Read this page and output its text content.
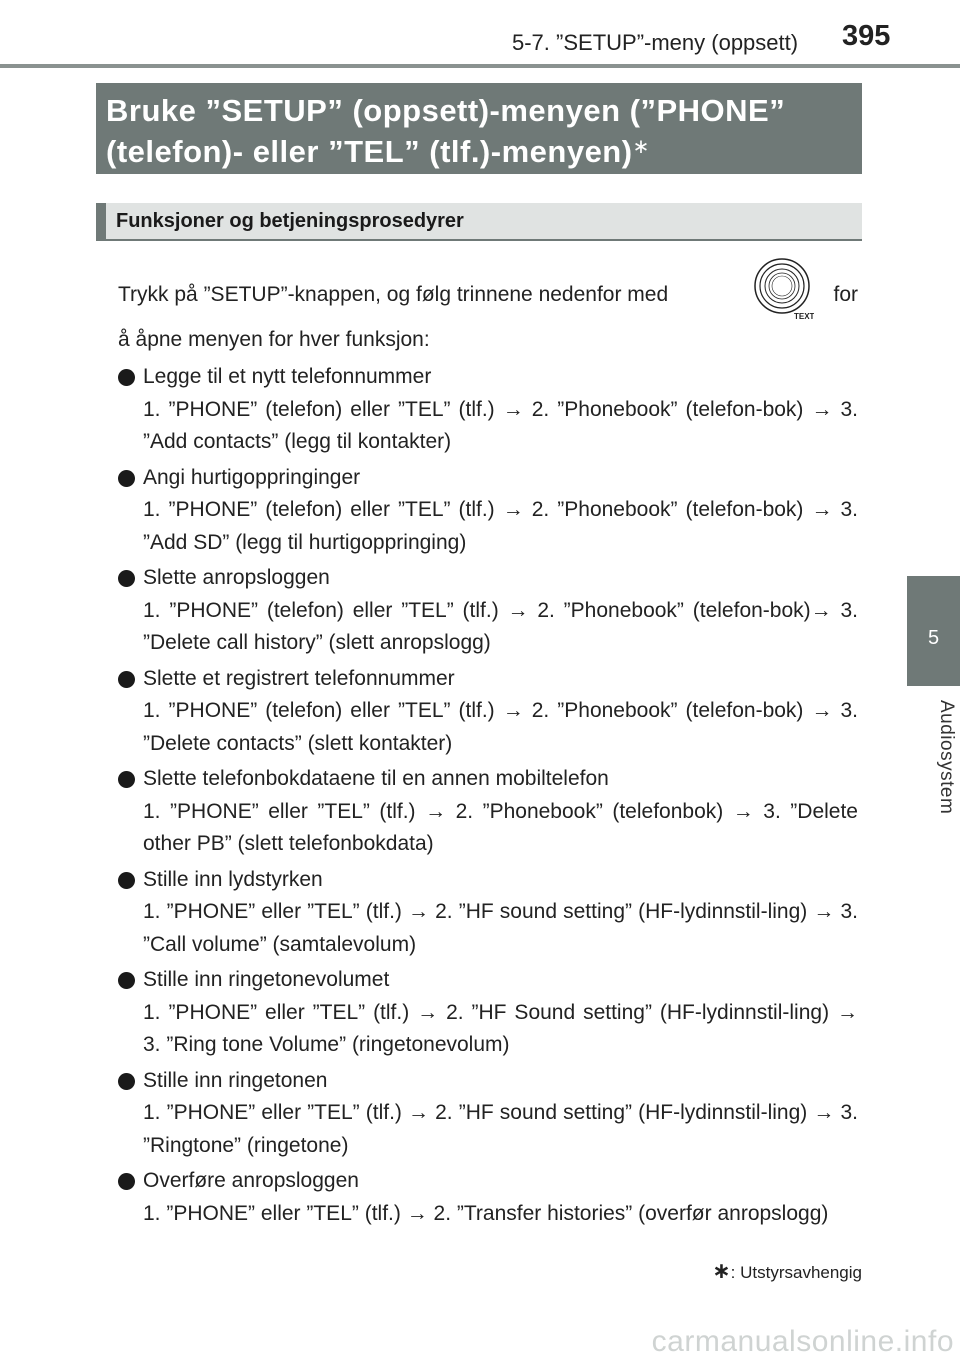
5-7. ”SETUP”-meny (oppsett) 395
5
Audiosystem
Bruke ”SETUP” (oppsett)-menyen (”PHONE”
(telefon)- eller ”TEL” (tlf.)-menyen)∗
Funksjoner og betjeningsprosedyrer
Trykk på ”SETUP”-knappen, og følg trinnene nedenfor med	for
TEXT
å åpne menyen for hver funksjon:
Legge til et nytt telefonnummer
1. ”PHONE” (telefon) eller ”TEL” (tlf.) → 2. ”Phonebook” (telefon-bok) → 3. ”Add contacts” (legg til kontakter)
Angi hurtigoppringinger
1. ”PHONE” (telefon) eller ”TEL” (tlf.) → 2. ”Phonebook” (telefon-bok) → 3. ”Add SD” (legg til hurtigoppringing)
Slette anropsloggen
1. ”PHONE” (telefon) eller ”TEL” (tlf.) → 2. ”Phonebook” (telefon-bok)→ 3. ”Delete call history” (slett anropslogg)
Slette et registrert telefonnummer
1. ”PHONE” (telefon) eller ”TEL” (tlf.) → 2. ”Phonebook” (telefon-bok) → 3. ”Delete contacts” (slett kontakter)
Slette telefonbokdataene til en annen mobiltelefon
1. ”PHONE” eller ”TEL” (tlf.) → 2. ”Phonebook” (telefonbok) → 3. ”Delete other PB” (slett telefonbokdata)
Stille inn lydstyrken
1. ”PHONE” eller ”TEL” (tlf.) → 2. ”HF sound setting” (HF-lydinnstil-ling) → 3. ”Call volume” (samtalevolum)
Stille inn ringetonevolumet
1. ”PHONE” eller ”TEL” (tlf.) → 2. ”HF Sound setting” (HF-lydinnstil-ling) → 3. ”Ring tone Volume” (ringetonevolum)
Stille inn ringetonen
1. ”PHONE” eller ”TEL” (tlf.) → 2. ”HF sound setting” (HF-lydinnstil-ling) → 3. ”Ringtone” (ringetone)
Overføre anropsloggen
1. ”PHONE” eller ”TEL” (tlf.) → 2. ”Transfer histories” (overfør anropslogg)
∗: Utstyrsavhengig
carmanualsonline.info
